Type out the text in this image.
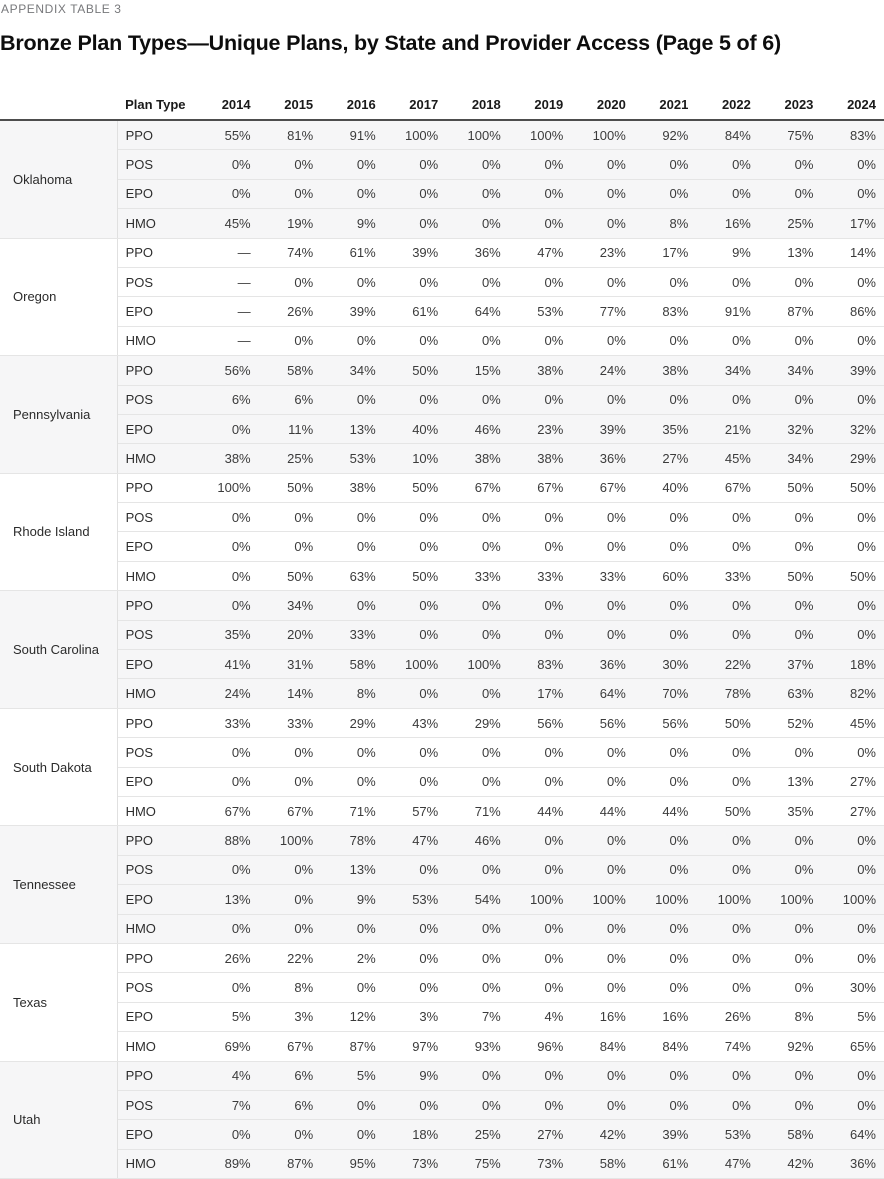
APPENDIX TABLE 3
Bronze Plan Types—Unique Plans, by State and Provider Access (Page 5 of 6)
	Plan Type	2014	2015	2016	2017	2018	2019	2020	2021	2022	2023	2024
Oklahoma	PPO	55%	81%	91%	100%	100%	100%	100%	92%	84%	75%	83%
	POS	0%	0%	0%	0%	0%	0%	0%	0%	0%	0%	0%
	EPO	0%	0%	0%	0%	0%	0%	0%	0%	0%	0%	0%
	HMO	45%	19%	9%	0%	0%	0%	0%	8%	16%	25%	17%
Oregon	PPO	—	74%	61%	39%	36%	47%	23%	17%	9%	13%	14%
	POS	—	0%	0%	0%	0%	0%	0%	0%	0%	0%	0%
	EPO	—	26%	39%	61%	64%	53%	77%	83%	91%	87%	86%
	HMO	—	0%	0%	0%	0%	0%	0%	0%	0%	0%	0%
Pennsylvania	PPO	56%	58%	34%	50%	15%	38%	24%	38%	34%	34%	39%
	POS	6%	6%	0%	0%	0%	0%	0%	0%	0%	0%	0%
	EPO	0%	11%	13%	40%	46%	23%	39%	35%	21%	32%	32%
	HMO	38%	25%	53%	10%	38%	38%	36%	27%	45%	34%	29%
Rhode Island	PPO	100%	50%	38%	50%	67%	67%	67%	40%	67%	50%	50%
	POS	0%	0%	0%	0%	0%	0%	0%	0%	0%	0%	0%
	EPO	0%	0%	0%	0%	0%	0%	0%	0%	0%	0%	0%
	HMO	0%	50%	63%	50%	33%	33%	33%	60%	33%	50%	50%
South Carolina	PPO	0%	34%	0%	0%	0%	0%	0%	0%	0%	0%	0%
	POS	35%	20%	33%	0%	0%	0%	0%	0%	0%	0%	0%
	EPO	41%	31%	58%	100%	100%	83%	36%	30%	22%	37%	18%
	HMO	24%	14%	8%	0%	0%	17%	64%	70%	78%	63%	82%
South Dakota	PPO	33%	33%	29%	43%	29%	56%	56%	56%	50%	52%	45%
	POS	0%	0%	0%	0%	0%	0%	0%	0%	0%	0%	0%
	EPO	0%	0%	0%	0%	0%	0%	0%	0%	0%	13%	27%
	HMO	67%	67%	71%	57%	71%	44%	44%	44%	50%	35%	27%
Tennessee	PPO	88%	100%	78%	47%	46%	0%	0%	0%	0%	0%	0%
	POS	0%	0%	13%	0%	0%	0%	0%	0%	0%	0%	0%
	EPO	13%	0%	9%	53%	54%	100%	100%	100%	100%	100%	100%
	HMO	0%	0%	0%	0%	0%	0%	0%	0%	0%	0%	0%
Texas	PPO	26%	22%	2%	0%	0%	0%	0%	0%	0%	0%	0%
	POS	0%	8%	0%	0%	0%	0%	0%	0%	0%	0%	30%
	EPO	5%	3%	12%	3%	7%	4%	16%	16%	26%	8%	5%
	HMO	69%	67%	87%	97%	93%	96%	84%	84%	74%	92%	65%
Utah	PPO	4%	6%	5%	9%	0%	0%	0%	0%	0%	0%	0%
	POS	7%	6%	0%	0%	0%	0%	0%	0%	0%	0%	0%
	EPO	0%	0%	0%	18%	25%	27%	42%	39%	53%	58%	64%
	HMO	89%	87%	95%	73%	75%	73%	58%	61%	47%	42%	36%
